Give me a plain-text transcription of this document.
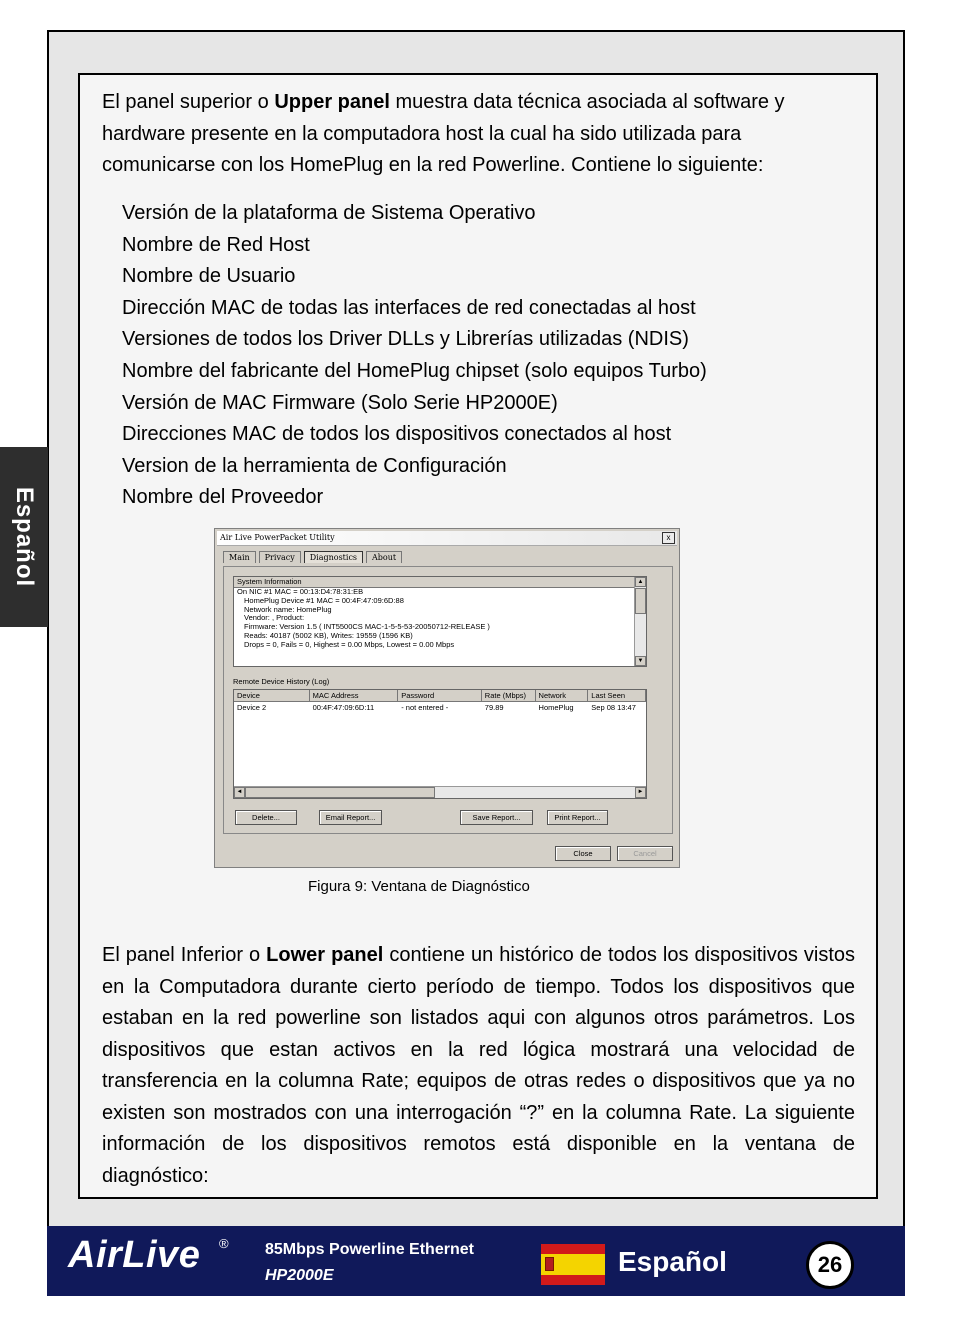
Español

El panel superior o Upper panel muestra data técnica asociada al software y hardware presente en la computadora host la cual ha sido utilizada para comunicarse con los HomePlug en la red Powerline. Contiene lo siguiente:

Versión de la plataforma de Sistema Operativo
Nombre de Red Host
Nombre de Usuario
Dirección MAC de todas las interfaces de red conectadas al host
Versiones de todos los Driver DLLs y Librerías utilizadas (NDIS)
Nombre del fabricante del HomePlug chipset (solo equipos Turbo)
Versión de MAC Firmware (Solo Serie HP2000E)
Direcciones MAC de todos los dispositivos conectados al host
Version de la herramienta de Configuración
Nombre del Proveedor
Air Live PowerPacket Utility	x
Main	Privacy	Diagnostics	About
System Information
On NIC #1 MAC = 00:13:D4:78:31:EB
HomePlug Device #1 MAC = 00:4F:47:09:6D:88
Network name: HomePlug
Vendor: , Product:
Firmware: Version 1.5 ( INT5500CS MAC-1-5-5-53-20050712-RELEASE )
Reads: 40187 (5002 KB), Writes: 19559 (1596 KB)
Drops = 0, Fails = 0, Highest = 0.00 Mbps, Lowest = 0.00 Mbps
▲
▼
Remote Device History (Log)
Device	MAC Address	Password	Rate (Mbps)	Network	Last Seen
Device 2	00:4F:47:09:6D:11	- not entered -	79.89	HomePlug	Sep 08 13:47
◄	►
Delete...	Email Report...	Save Report...	Print Report...
Close	Cancel
Figura 9: Ventana de Diagnóstico

El panel Inferior o Lower panel contiene un histórico de todos los dispositivos vistos en la Computadora durante cierto período de tiempo. Todos los dispositivos que estaban en la red powerline son listados aqui con algunos otros parámetros. Los dispositivos que estan activos en la red lógica mostrará una velocidad de transferencia en la columna Rate; equipos de otras redes o dispositivos que ya no existen son mostrados con una interrogación “?” en la columna Rate. La siguiente información de los dispositivos remotos está disponible en la ventana de diagnóstico:

AirLive ® 85Mbps Powerline Ethernet
HP2000E	Español	26
